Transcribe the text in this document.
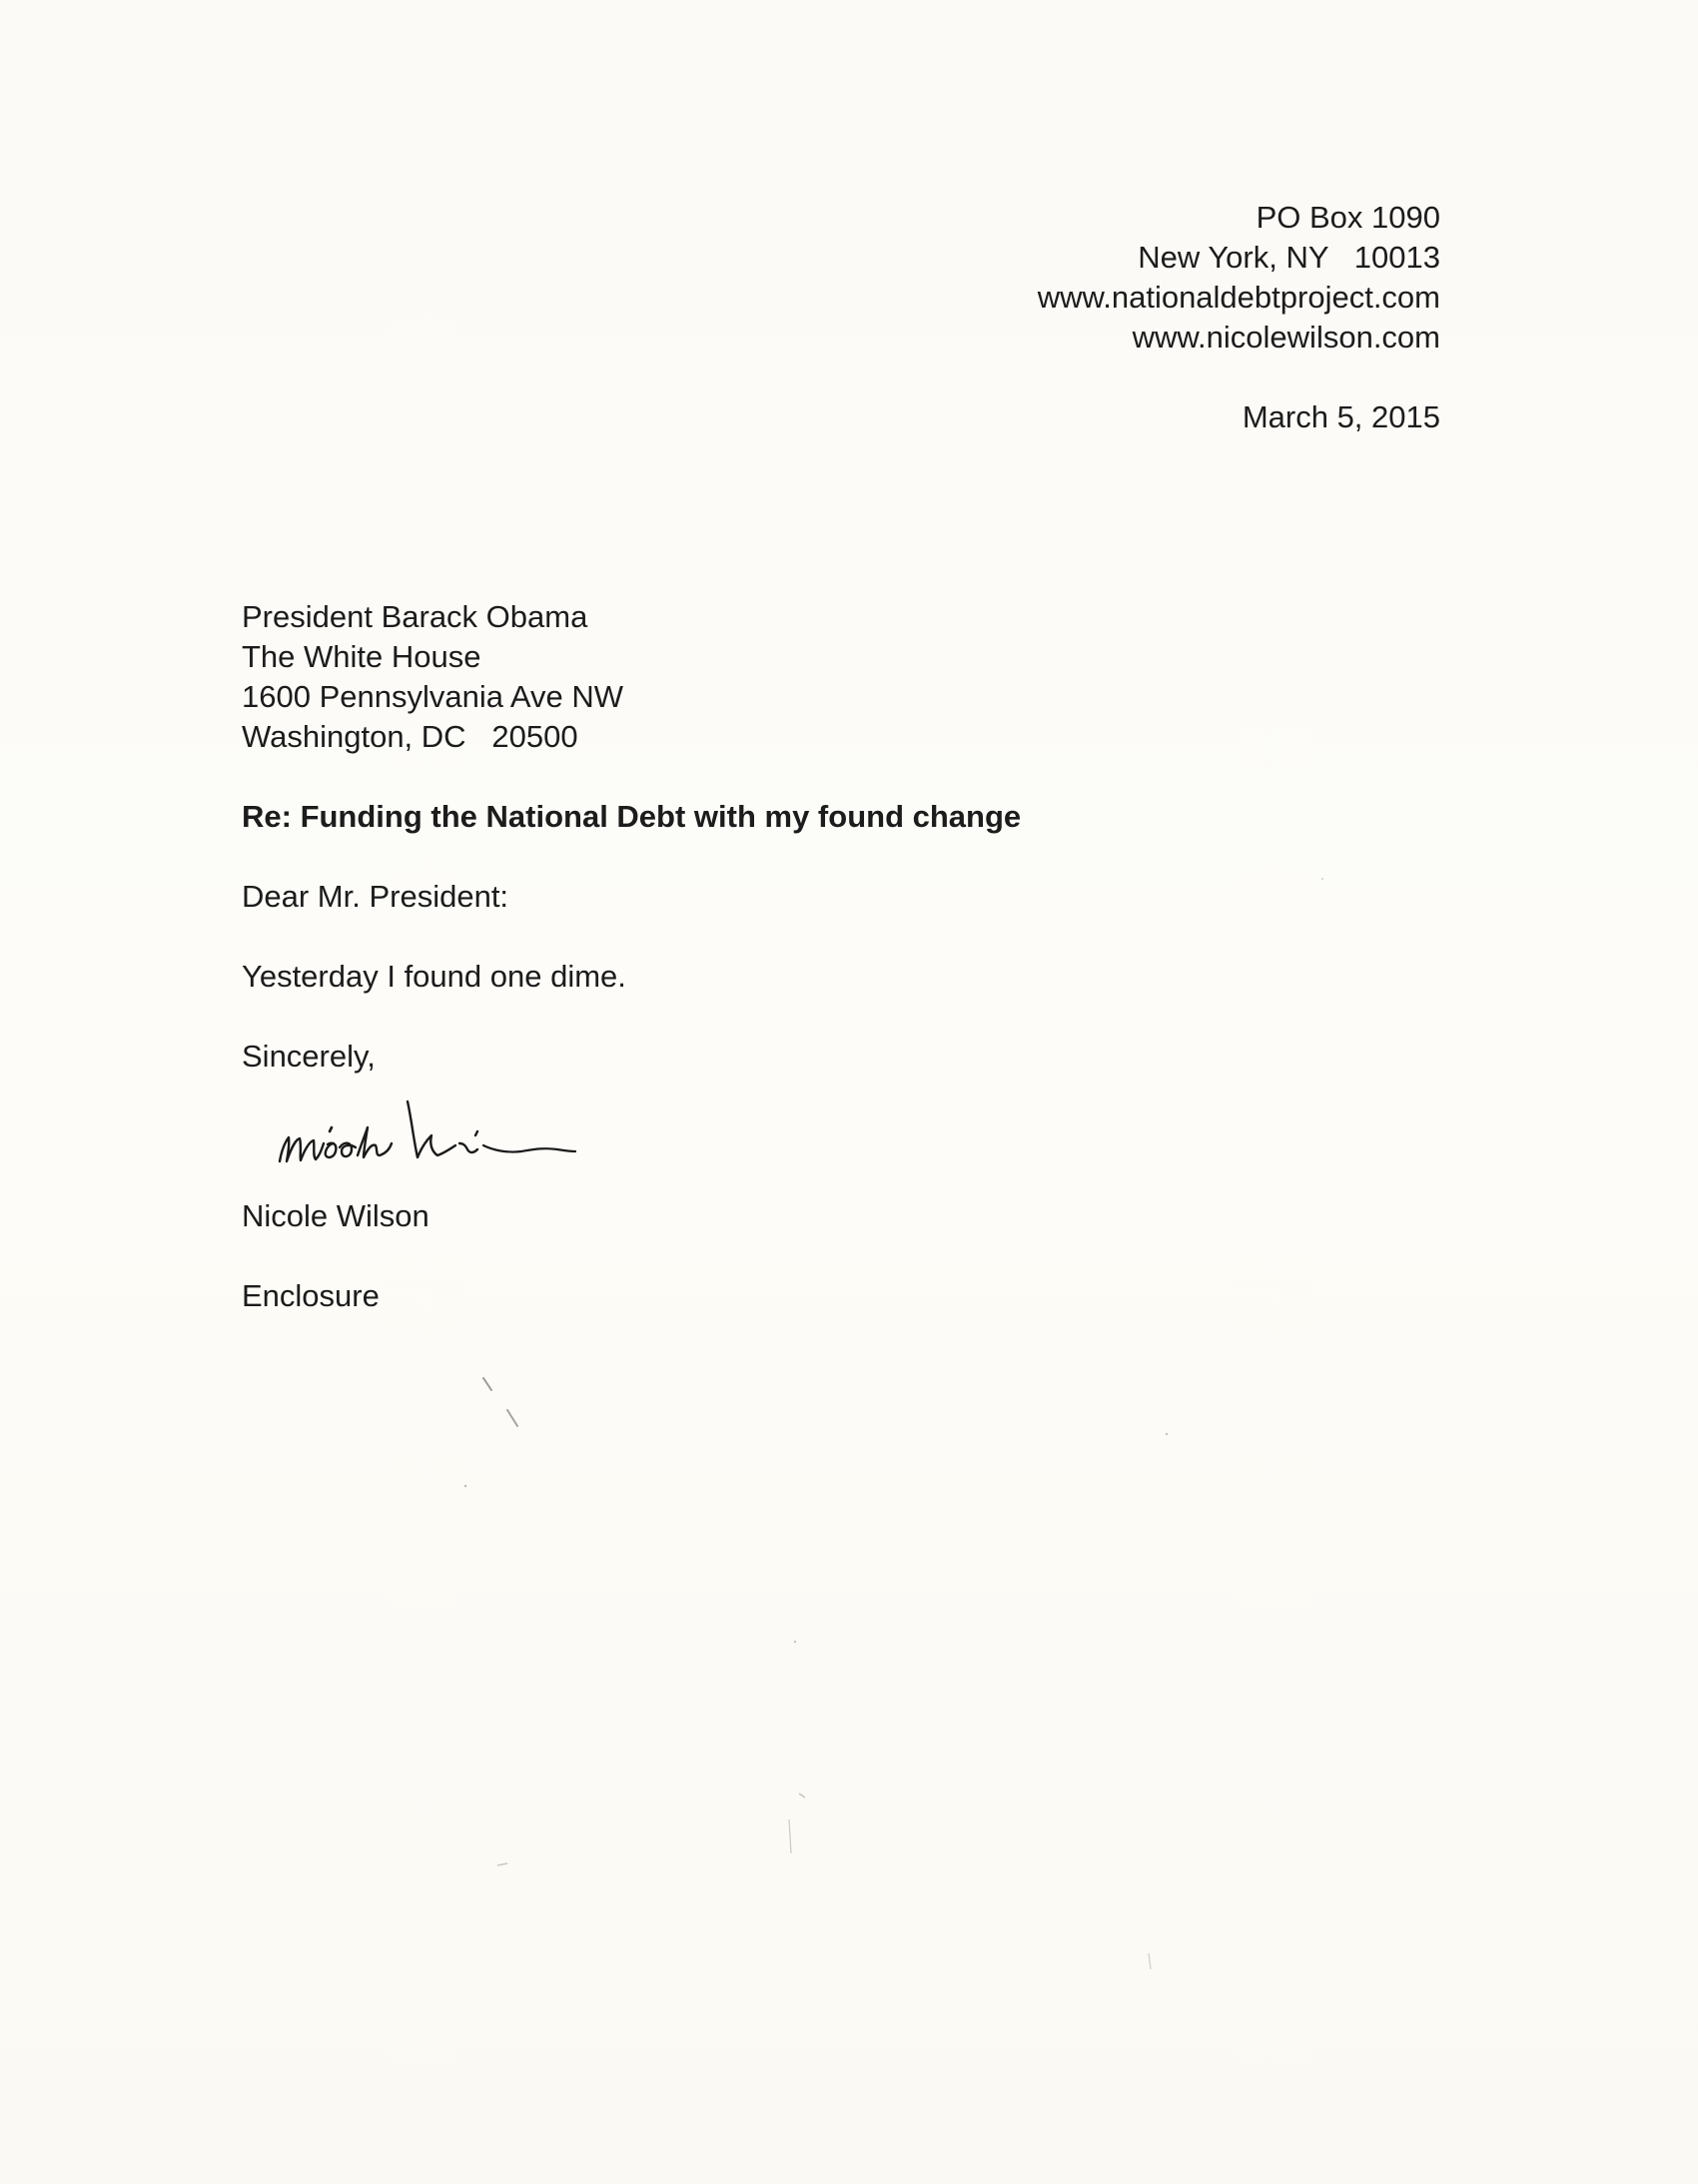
PO Box 1090

New York, NY   10013

www.nationaldebtproject.com

www.nicolewilson.com

March 5, 2015

President Barack Obama

The White House

1600 Pennsylvania Ave NW

Washington, DC   20500

Re: Funding the National Debt with my found change

Dear Mr. President:

Yesterday I found one dime.

Sincerely,

Nicole Wilson

Enclosure
